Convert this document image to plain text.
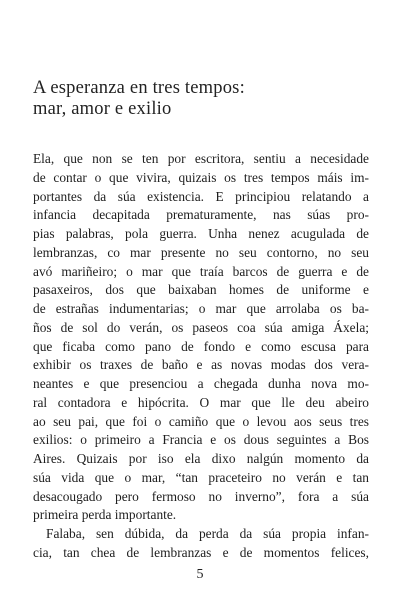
A esperanza en tres tempos:
mar, amor e exilio
Ela, que non se ten por escritora, sentiu a necesidade
de contar o que vivira, quizais os tres tempos máis im-
portantes da súa existencia. E principiou relatando a
infancia decapitada prematuramente, nas súas pro-
pias palabras, pola guerra. Unha nenez acugulada de
lembranzas, co mar presente no seu contorno, no seu
avó mariñeiro; o mar que traía barcos de guerra e de
pasaxeiros, dos que baixaban homes de uniforme e
de estrañas indumentarias; o mar que arrolaba os ba-
ños de sol do verán, os paseos coa súa amiga Áxela;
que ficaba como pano de fondo e como escusa para
exhibir os traxes de baño e as novas modas dos vera-
neantes e que presenciou a chegada dunha nova mo-
ral contadora e hipócrita. O mar que lle deu abeiro
ao seu pai, que foi o camiño que o levou aos seus tres
exilios: o primeiro a Francia e os dous seguintes a Bos
Aires. Quizais por iso ela dixo nalgún momento da
súa vida que o mar, “tan praceteiro no verán e tan
desacougado pero fermoso no inverno”, fora a súa
primeira perda importante.
Falaba, sen dúbida, da perda da súa propia infan-
cia, tan chea de lembranzas e de momentos felices,
5
